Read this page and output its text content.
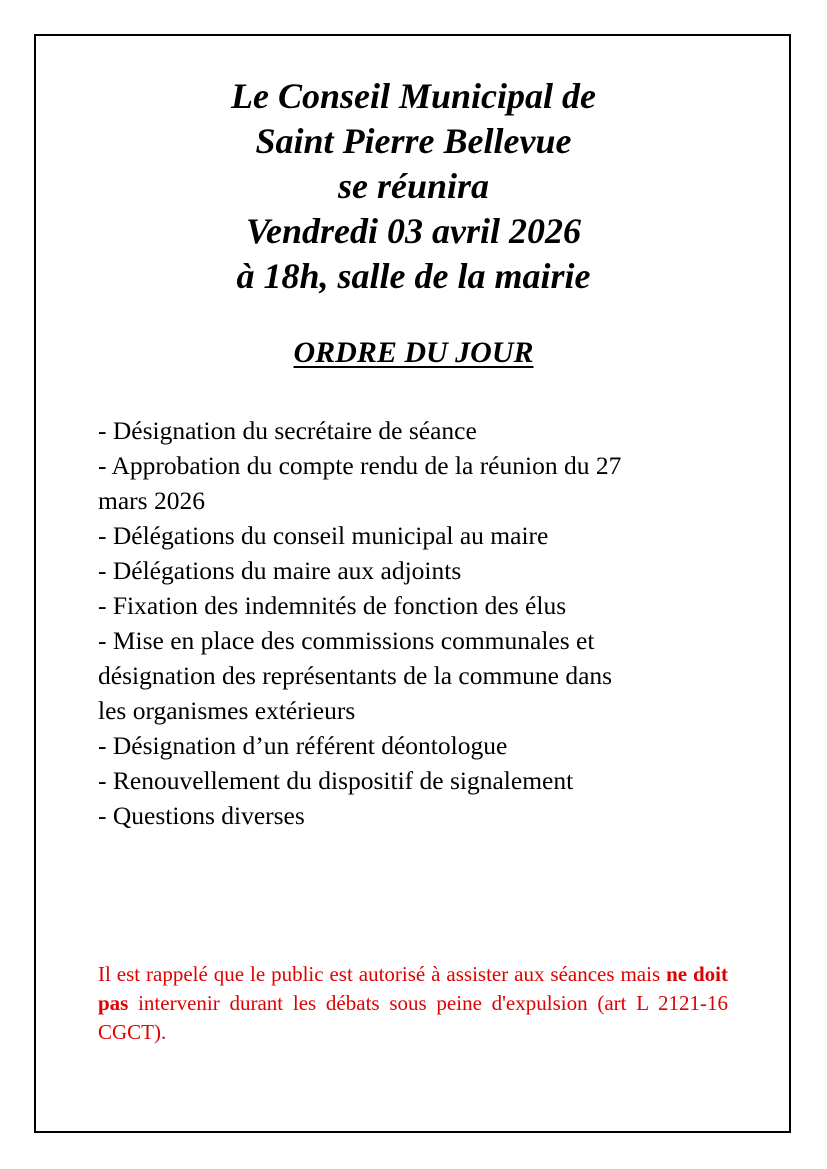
Le Conseil Municipal de
Saint Pierre Bellevue
se réunira
Vendredi 03 avril 2026
à 18h, salle de la mairie
ORDRE DU JOUR
- Désignation du secrétaire de séance
- Approbation du compte rendu de la réunion du 27
mars 2026
- Délégations du conseil municipal au maire
- Délégations du maire aux adjoints
- Fixation des indemnités de fonction des élus
- Mise en place des commissions communales et
désignation des représentants de la commune dans
les organismes extérieurs
- Désignation d’un référent déontologue
- Renouvellement du dispositif de signalement
- Questions diverses
Il est rappelé que le public est autorisé à assister aux séances mais ne doit pas intervenir durant les débats sous peine d'expulsion (art L 2121-16 CGCT).
